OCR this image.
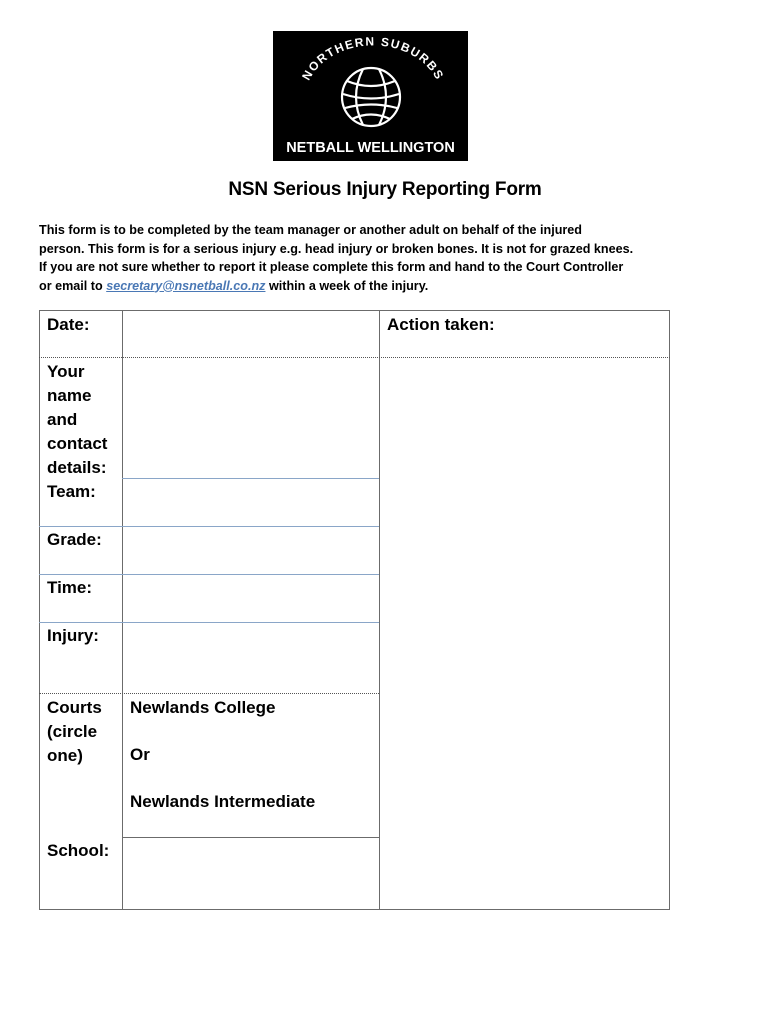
NORTHERN SUBURBS
NETBALL WELLINGTON
NSN Serious Injury Reporting Form
This form is to be completed by the team manager or another adult on behalf of the injured
person. This form is for a serious injury e.g. head injury or broken bones. It is not for grazed knees.
If you are not sure whether to report it please complete this form and hand to the Court Controller
or email to secretary@nsnetball.co.nz within a week of the injury.
Date:	Action taken:
Your
name
and
contact
details:
Team:
Grade:
Time:
Injury:
Courts
(circle
one)
Newlands College
Or
Newlands Intermediate
School:
